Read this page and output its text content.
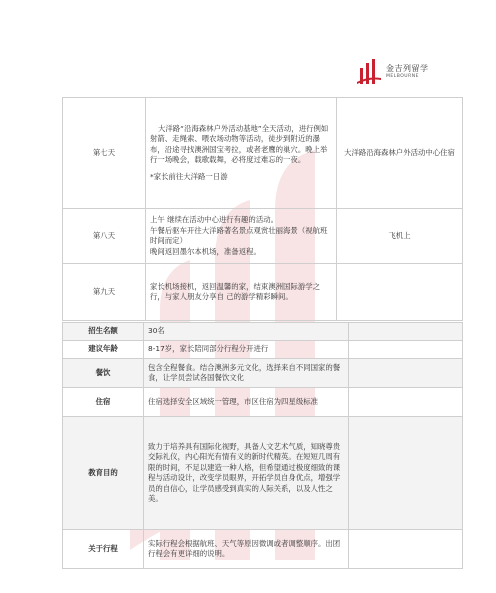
金吉列留学
MELBOURNE
第七天	大洋路“沿海森林户外活动基地”全天活动，进行例如射箭、走绳索、喂农场动物等活动，徒步到附近的瀑布，沿途寻找澳洲国宝考拉，或者老鹰的巢穴。晚上举行一场晚会，载歌载舞，必将度过难忘的一夜。
*家长前往大洋路一日游	大洋路沿海森林户外活动中心住宿
第八天	上午 继续在活动中心进行有趣的活动。
午餐后驱车开往大洋路著名景点观赏壮丽海景（视航班时间而定）
晚间返回墨尔本机场，准备返程。	飞机上
第九天	家长机场接机，返回温馨的家，结束澳洲国际游学之行，与家人朋友分享自 己的游学精彩瞬间。	
招生名额	30名	
建议年龄	8-17岁，家长陪同部分行程分开进行	
餐饮	包含全程餐食。结合澳洲多元文化，选择来自不同国家的餐食，让学员尝试各国餐饮文化	
住宿	住宿选择安全区域统一管理，市区住宿为四星级标准	
教育目的	致力于培养具有国际化视野，具备人文艺术气质，知晓尊贵交际礼仪，内心阳光有情有义的新时代精英。在短短几周有限的时间，不足以建造一种人格，但希望通过极度细致的课程与活动设计，改变学员眼界，开拓学员自身优点，增强学员的自信心，让学员感受到真实的人际关系，以及人性之美。	
关于行程	实际行程会根据航班、天气等原因微调或者调整顺序。出团行程会有更详细的说明。	
